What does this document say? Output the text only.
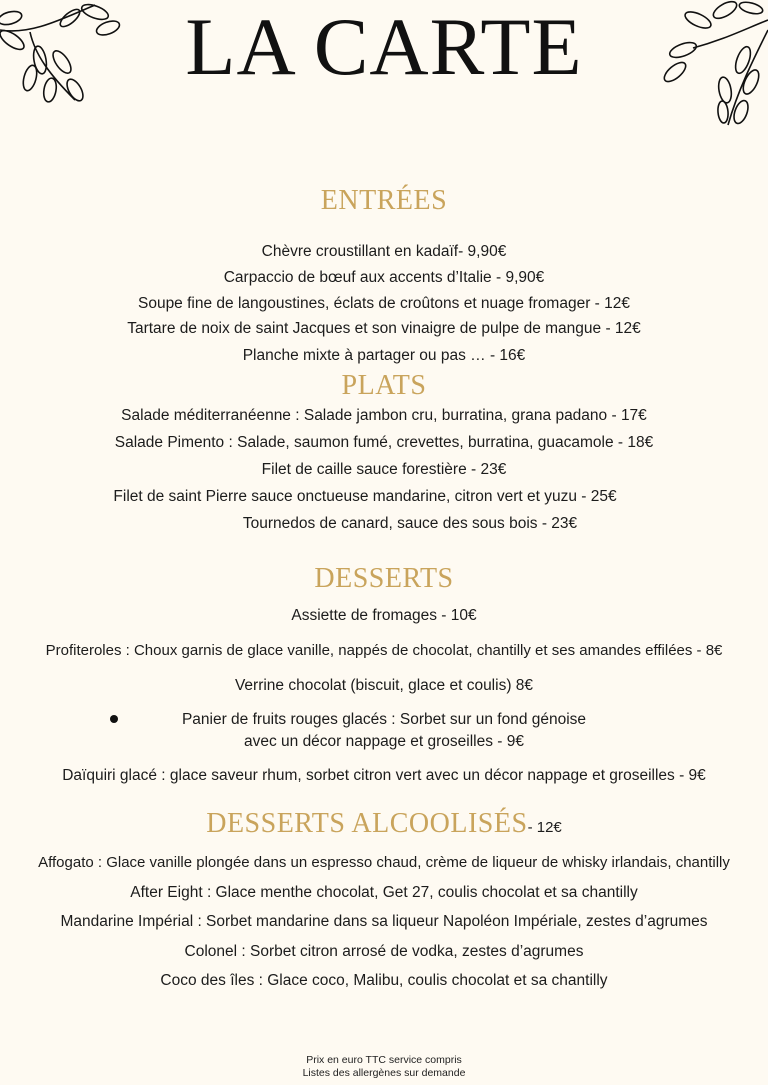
LA CARTE
ENTRÉES
Chèvre croustillant en kadaïf- 9,90€
Carpaccio de bœuf aux accents d’Italie - 9,90€
Soupe fine de langoustines, éclats de croûtons et nuage fromager - 12€
Tartare de noix de saint Jacques et son vinaigre de pulpe de mangue - 12€
Planche mixte à partager ou pas … - 16€
PLATS
Salade méditerranéenne : Salade jambon cru, burratina, grana padano - 17€
Salade Pimento : Salade, saumon fumé, crevettes, burratina, guacamole - 18€
Filet de caille sauce forestière - 23€
Filet de saint Pierre sauce onctueuse mandarine, citron vert et yuzu - 25€
Tournedos de canard, sauce des sous bois - 23€
DESSERTS
Assiette de fromages - 10€
Profiteroles : Choux garnis de glace vanille, nappés de chocolat, chantilly et ses amandes effilées - 8€
Verrine chocolat (biscuit, glace et coulis) 8€
Panier de fruits rouges glacés : Sorbet sur un fond génoise
avec un décor nappage et groseilles - 9€
Daïquiri glacé : glace saveur rhum, sorbet citron vert avec un décor nappage et groseilles - 9€
DESSERTS ALCOOLISÉS- 12€
Affogato : Glace vanille plongée dans un espresso chaud, crème de liqueur de whisky irlandais, chantilly
After Eight : Glace menthe chocolat, Get 27, coulis chocolat et sa chantilly
Mandarine Impérial : Sorbet mandarine dans sa liqueur Napoléon Impériale, zestes d’agrumes
Colonel : Sorbet citron arrosé de vodka, zestes d’agrumes
Coco des îles : Glace coco, Malibu, coulis chocolat et sa chantilly
Prix en euro TTC service compris
Listes des allergènes sur demande
